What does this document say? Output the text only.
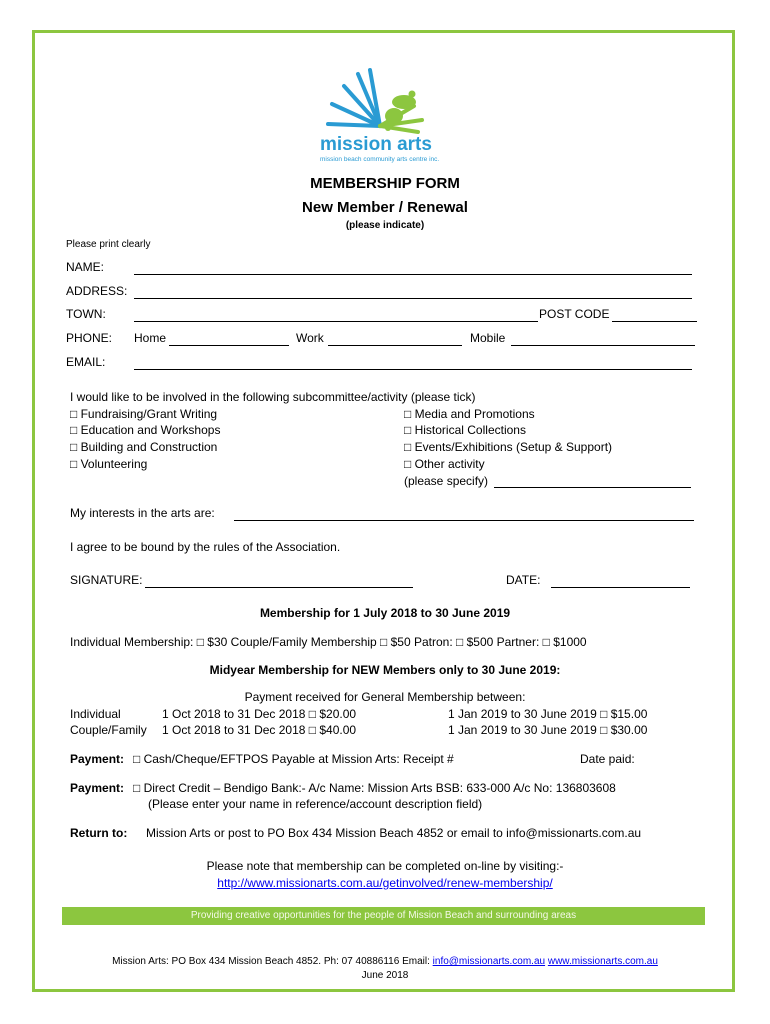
mission arts
mission beach community arts centre inc.
MEMBERSHIP FORM
New Member / Renewal
(please indicate)
Please print clearly
NAME:
ADDRESS:
TOWN:	POST CODE
PHONE: Home	Work	Mobile
EMAIL:
I would like to be involved in the following subcommittee/activity (please tick)
□ Fundraising/Grant Writing
□ Education and Workshops
□ Building and Construction
□ Volunteering
□ Media and Promotions
□ Historical Collections
□ Events/Exhibitions (Setup & Support)
□ Other activity
(please specify)
My interests in the arts are:
I agree to be bound by the rules of the Association.
SIGNATURE:	DATE:
Membership for 1 July 2018 to 30 June 2019
Individual Membership: □ $30 Couple/Family Membership □ $50 Patron: □ $500 Partner: □ $1000
Midyear Membership for NEW Members only to 30 June 2019:
Payment received for General Membership between:
Individual	1 Oct 2018 to 31 Dec 2018 □ $20.00	1 Jan 2019 to 30 June 2019 □ $15.00
Couple/Family 1 Oct 2018 to 31 Dec 2018 □ $40.00	1 Jan 2019 to 30 June 2019 □ $30.00
Payment: □ Cash/Cheque/EFTPOS Payable at Mission Arts: Receipt #	Date paid:
Payment: □ Direct Credit – Bendigo Bank:- A/c Name: Mission Arts BSB: 633-000 A/c No: 136803608
(Please enter your name in reference/account description field)
Return to: Mission Arts or post to PO Box 434 Mission Beach 4852 or email to info@missionarts.com.au
Please note that membership can be completed on-line by visiting:-
http://www.missionarts.com.au/getinvolved/renew-membership/
Providing creative opportunities for the people of Mission Beach and surrounding areas
Mission Arts: PO Box 434 Mission Beach 4852. Ph: 07 40886116 Email: info@missionarts.com.au www.missionarts.com.au
June 2018
